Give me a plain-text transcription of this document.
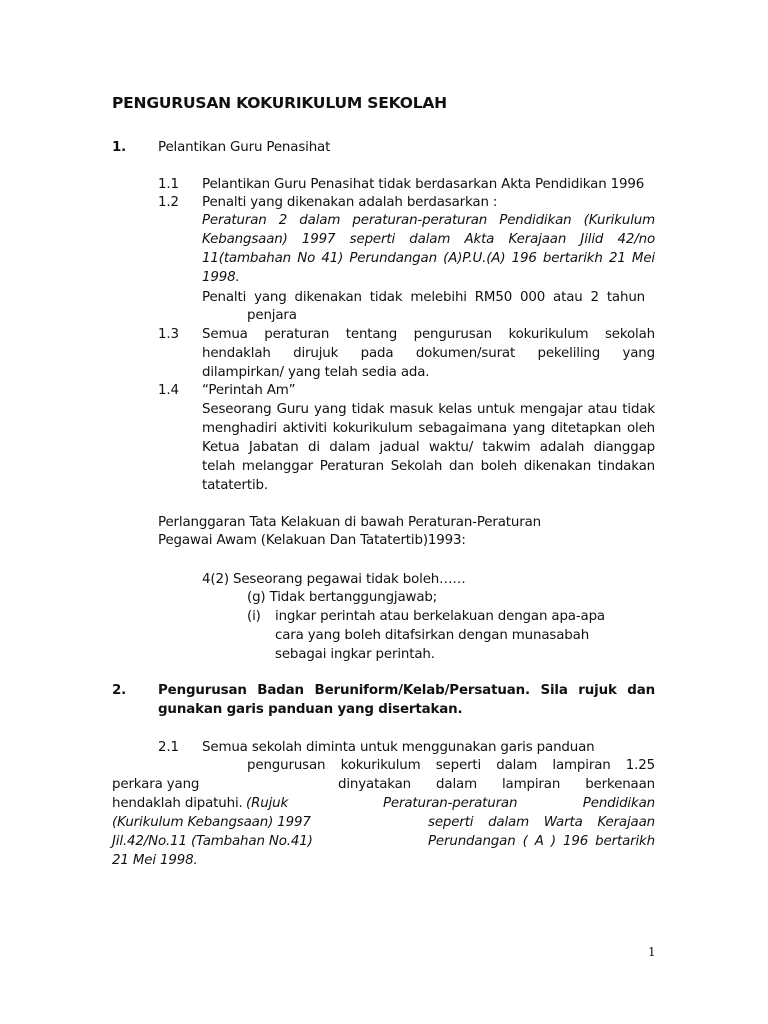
PENGURUSAN KOKURIKULUM SEKOLAH
1. Pelantikan Guru Penasihat
1.1 Pelantikan Guru Penasihat tidak berdasarkan Akta Pendidikan 1996
1.2 Penalti yang dikenakan adalah berdasarkan :
Peraturan 2 dalam peraturan-peraturan Pendidikan (Kurikulum
Kebangsaan) 1997 seperti dalam Akta Kerajaan Jilid 42/no
11(tambahan No 41) Perundangan (A)P.U.(A) 196 bertarikh 21 Mei
1998.
Penalti yang dikenakan tidak melebihi RM50 000 atau 2 tahun
penjara
1.3 Semua peraturan tentang pengurusan kokurikulum sekolah
hendaklah dirujuk pada dokumen/surat pekeliling yang
dilampirkan/ yang telah sedia ada.
1.4 “Perintah Am”
Seseorang Guru yang tidak masuk kelas untuk mengajar atau tidak
menghadiri aktiviti kokurikulum sebagaimana yang ditetapkan oleh
Ketua Jabatan di dalam jadual waktu/ takwim adalah dianggap
telah melanggar Peraturan Sekolah dan boleh dikenakan tindakan
tatatertib.
Perlanggaran Tata Kelakuan di bawah Peraturan-Peraturan
Pegawai Awam (Kelakuan Dan Tatatertib)1993:
4(2) Seseorang pegawai tidak boleh……
(g) Tidak bertanggungjawab;
(i) ingkar perintah atau berkelakuan dengan apa-apa
cara yang boleh ditafsirkan dengan munasabah
sebagai ingkar perintah.
2. Pengurusan Badan Beruniform/Kelab/Persatuan. Sila rujuk dan
gunakan garis panduan yang disertakan.
2.1 Semua sekolah diminta untuk menggunakan garis panduan
pengurusan kokurikulum seperti dalam lampiran 1.25
perkara yang	dinyatakan dalam lampiran berkenaan
hendaklah dipatuhi. (Rujuk	Peraturan-peraturan Pendidikan
(Kurikulum Kebangsaan) 1997	seperti dalam Warta Kerajaan
Jil.42/No.11 (Tambahan No.41)	Perundangan ( A ) 196 bertarikh
21 Mei 1998.
1
